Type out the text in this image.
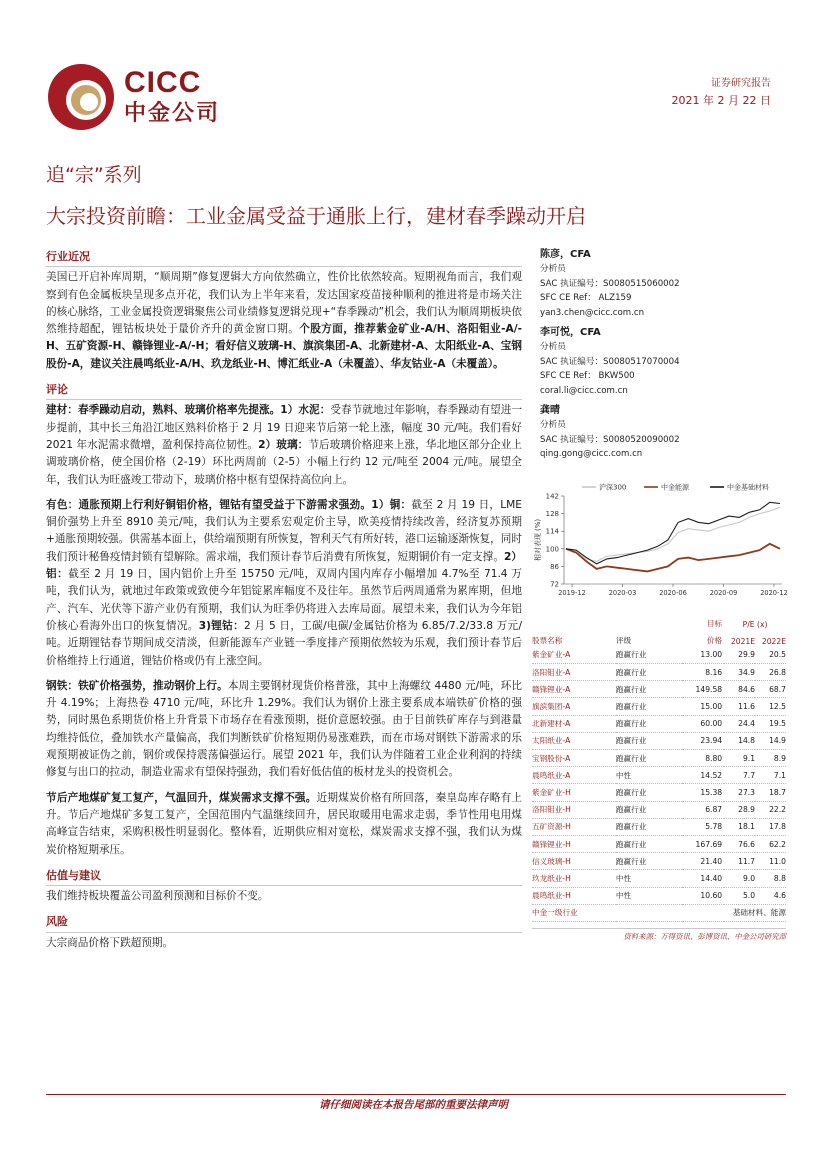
CICC
中金公司
证券研究报告
2021 年 2 月 22 日
追“宗”系列
大宗投资前瞻：工业金属受益于通胀上行，建材春季躁动开启
行业近况

美国已开启补库周期，“顺周期”修复逻辑大方向依然确立，性价比依然较高。短期视角而言，我们观察到有色金属板块呈现多点开花，我们认为上半年来看，发达国家疫苗接种顺利的推进将是市场关注的核心脉络，工业金属投资逻辑聚焦公司业绩修复逻辑兑现+“春季躁动”机会，我们认为顺周期板块依然维持超配，锂钴板块处于量价齐升的黄金窗口期。个股方面，推荐紫金矿业-A/H、洛阳钼业-A/-H、五矿资源-H、赣锋锂业-A/-H；看好信义玻璃-H、旗滨集团-A、北新建材-A、太阳纸业-A、宝钢股份-A，建议关注晨鸣纸业-A/H、玖龙纸业-H、博汇纸业-A（未覆盖）、华友钴业-A（未覆盖）。

评论

建材：春季躁动启动，熟料、玻璃价格率先提涨。1）水泥：受春节就地过年影响，春季躁动有望进一步提前，其中长三角沿江地区熟料价格于 2 月 19 日迎来节后第一轮上涨，幅度 30 元/吨。我们看好 2021 年水泥需求微增，盈利保持高位韧性。2）玻璃：节后玻璃价格迎来上涨，华北地区部分企业上调玻璃价格，使全国价格（2-19）环比两周前（2-5）小幅上行约 12 元/吨至 2004 元/吨。展望全年，我们认为旺盛竣工带动下，玻璃价格中枢有望保持高位向上。

有色：通胀预期上行利好铜铝价格，锂钴有望受益于下游需求强劲。1）铜：截至 2 月 19 日，LME 铜价强势上升至 8910 美元/吨，我们认为主要系宏观定价主导，欧美疫情持续改善，经济复苏预期+通胀预期较强。供需基本面上，供给端预期有所恢复，智利天气有所好转，港口运输逐渐恢复，同时我们预计秘鲁疫情封锁有望解除。需求端，我们预计春节后消费有所恢复，短期铜价有一定支撑。2）铝：截至 2 月 19 日，国内铝价上升至 15750 元/吨，双周内国内库存小幅增加 4.7%至 71.4 万吨，我们认为，就地过年政策或致使今年铝锭累库幅度不及往年。虽然节后两周通常为累库期，但地产、汽车、光伏等下游产业仍有预期，我们认为旺季仍将进入去库局面。展望未来，我们认为今年铝价核心看海外出口的恢复情况。3)锂钴：2 月 5 日，工碳/电碳/金属钴价格为 6.85/7.2/33.8 万元/吨。近期锂钴春节期间成交清淡，但新能源车产业链一季度排产预期依然较为乐观，我们预计春节后价格维持上行通道，锂钴价格或仍有上涨空间。

钢铁：铁矿价格强势，推动钢价上行。本周主要钢材现货价格普涨，其中上海螺纹 4480 元/吨，环比升 4.19%；上海热卷 4710 元/吨，环比升 1.29%。我们认为钢价上涨主要系成本端铁矿价格的强势，同时黑色系期货价格上升背景下市场存在看涨预期，挺价意愿较强。由于目前铁矿库存与到港量均维持低位，叠加铁水产量偏高，我们判断铁矿价格短期仍易涨难跌，而在市场对钢铁下游需求的乐观预期被证伪之前，钢价或保持震荡偏强运行。展望 2021 年，我们认为伴随着工业企业利润的持续修复与出口的拉动，制造业需求有望保持强劲，我们看好低估值的板材龙头的投资机会。

节后产地煤矿复工复产，气温回升，煤炭需求支撑不强。近期煤炭价格有所回落，秦皇岛库存略有上升。节后产地煤矿多复工复产，全国范围内气温继续回升，居民取暖用电需求走弱，季节性用电用煤高峰宣告结束，采购积极性明显弱化。整体看，近期供应相对宽松，煤炭需求支撑不强，我们认为煤炭价格短期承压。

估值与建议

我们维持板块覆盖公司盈利预测和目标价不变。

风险

大宗商品价格下跌超预期。

陈彦，CFA
分析员
SAC 执证编号：S0080515060002
SFC CE Ref： ALZ159
yan3.chen@cicc.com.cn
李可悦，CFA
分析员
SAC 执证编号：S0080517070004
SFC CE Ref： BKW500
coral.li@cicc.com.cn
龚晴
分析员
SAC 执证编号：S0080520090002
qing.gong@cicc.com.cn
72
86
100
114
128
142
相对表现 (%)
2019-12	2020-03	2020-06	2020-09	2020-12
沪深300	中金能源	中金基础材料
		目标	P/E (x)	
股票名称	评级	价格	2021E	2022E
紫金矿业-A	跑赢行业	13.00	29.9	20.5
洛阳钼业-A	跑赢行业	8.16	34.9	26.8
赣锋锂业-A	跑赢行业	149.58	84.6	68.7
旗滨集团-A	跑赢行业	15.00	11.6	12.5
北新建材-A	跑赢行业	60.00	24.4	19.5
太阳纸业-A	跑赢行业	23.94	14.8	14.9
宝钢股份-A	跑赢行业	8.80	9.1	8.9
晨鸣纸业-A	中性	14.52	7.7	7.1
紫金矿业-H	跑赢行业	15.38	27.3	18.7
洛阳钼业-H	跑赢行业	6.87	28.9	22.2
五矿资源-H	跑赢行业	5.78	18.1	17.8
赣锋锂业-H	跑赢行业	167.69	76.6	62.2
信义玻璃-H	跑赢行业	21.40	11.7	11.0
玖龙纸业-H	中性	14.40	9.0	8.8
晨鸣纸业-H	中性	10.60	5.0	4.6
中金一级行业		基础材料、能源		
资料来源：万得资讯、彭博资讯、中金公司研究部
请仔细阅读在本报告尾部的重要法律声明
